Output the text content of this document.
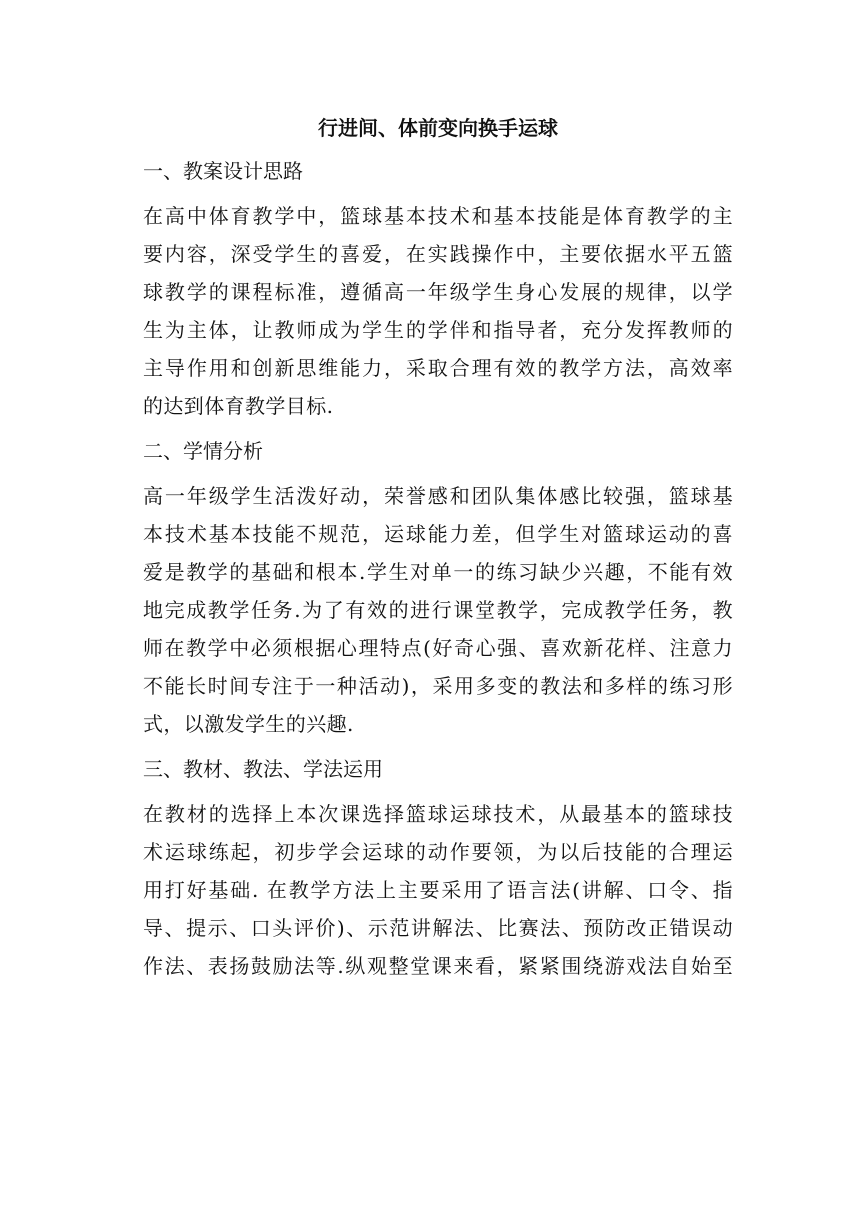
行进间、体前变向换手运球
一、教案设计思路
在高中体育教学中，篮球基本技术和基本技能是体育教学的主
要内容，深受学生的喜爱，在实践操作中，主要依据水平五篮
球教学的课程标准，遵循高一年级学生身心发展的规律，以学
生为主体，让教师成为学生的学伴和指导者，充分发挥教师的
主导作用和创新思维能力，采取合理有效的教学方法，高效率
的达到体育教学目标.
二、学情分析
高一年级学生活泼好动，荣誉感和团队集体感比较强，篮球基
本技术基本技能不规范，运球能力差，但学生对篮球运动的喜
爱是教学的基础和根本.学生对单一的练习缺少兴趣，不能有效
地完成教学任务.为了有效的进行课堂教学，完成教学任务，教
师在教学中必须根据心理特点(好奇心强、喜欢新花样、注意力
不能长时间专注于一种活动)，采用多变的教法和多样的练习形
式，以激发学生的兴趣.
三、教材、教法、学法运用
在教材的选择上本次课选择篮球运球技术，从最基本的篮球技
术运球练起，初步学会运球的动作要领，为以后技能的合理运
用打好基础. 在教学方法上主要采用了语言法(讲解、口令、指
导、提示、口头评价)、示范讲解法、比赛法、预防改正错误动
作法、表扬鼓励法等.纵观整堂课来看，紧紧围绕游戏法自始至
